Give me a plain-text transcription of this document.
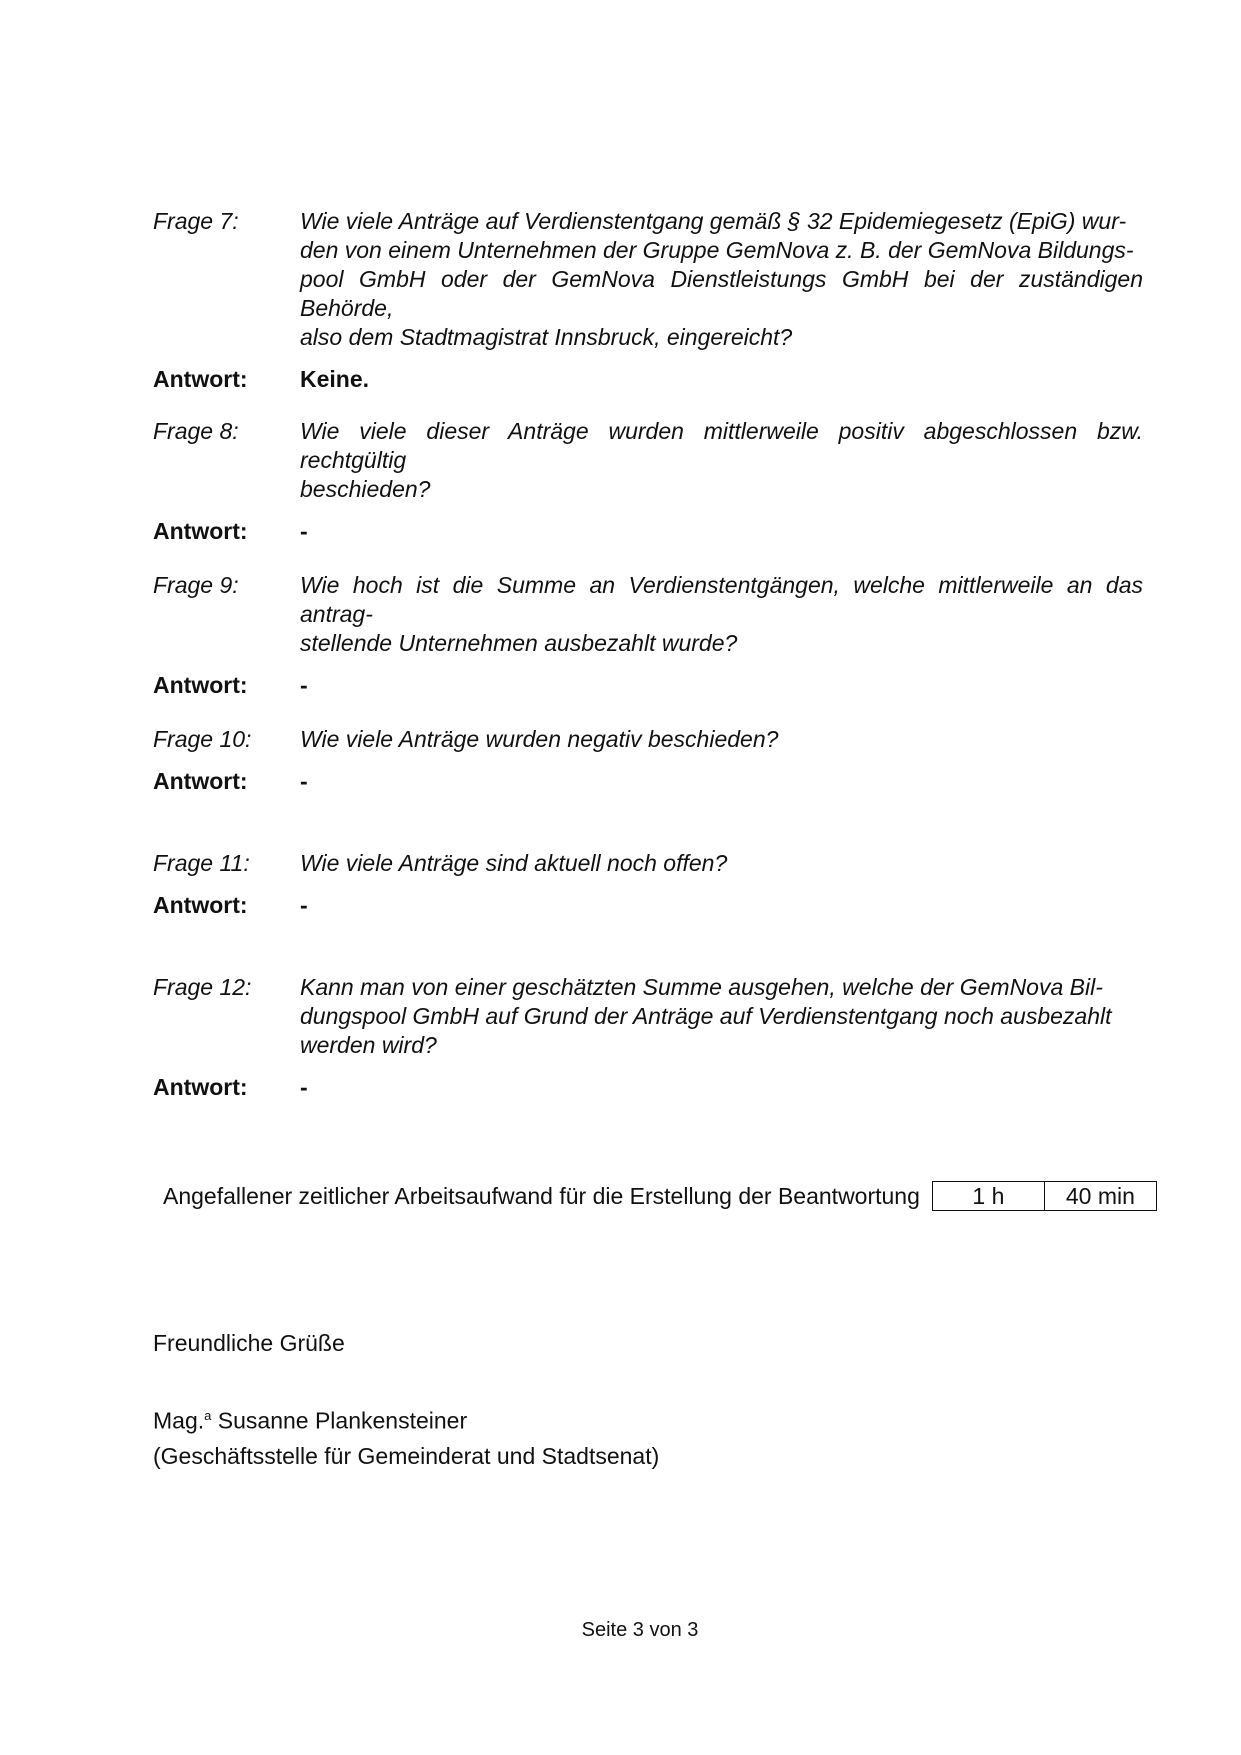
Frage 7:	Wie viele Anträge auf Verdienstentgang gemäß § 32 Epidemiegesetz (EpiG) wur-
den von einem Unternehmen der Gruppe GemNova z. B. der GemNova Bildungs-
pool GmbH oder der GemNova Dienstleistungs GmbH bei der zuständigen Behörde,
also dem Stadtmagistrat Innsbruck, eingereicht?
Antwort:	Keine.
Frage 8:	Wie viele dieser Anträge wurden mittlerweile positiv abgeschlossen bzw. rechtgültig
beschieden?
Antwort:	-
Frage 9:	Wie hoch ist die Summe an Verdienstentgängen, welche mittlerweile an das antrag-
stellende Unternehmen ausbezahlt wurde?
Antwort:	-
Frage 10:	Wie viele Anträge wurden negativ beschieden?
Antwort:	-
Frage 11:	Wie viele Anträge sind aktuell noch offen?
Antwort:	-
Frage 12:	Kann man von einer geschätzten Summe ausgehen, welche der GemNova Bil-
dungspool GmbH auf Grund der Anträge auf Verdienstentgang noch ausbezahlt
werden wird?
Antwort:	-
Angefallener zeitlicher Arbeitsaufwand für die Erstellung der Beantwortung	1 h	40 min
Freundliche Grüße
Mag.$^a$ Susanne Plankensteiner
(Geschäftsstelle für Gemeinderat und Stadtsenat)
Seite 3 von 3
